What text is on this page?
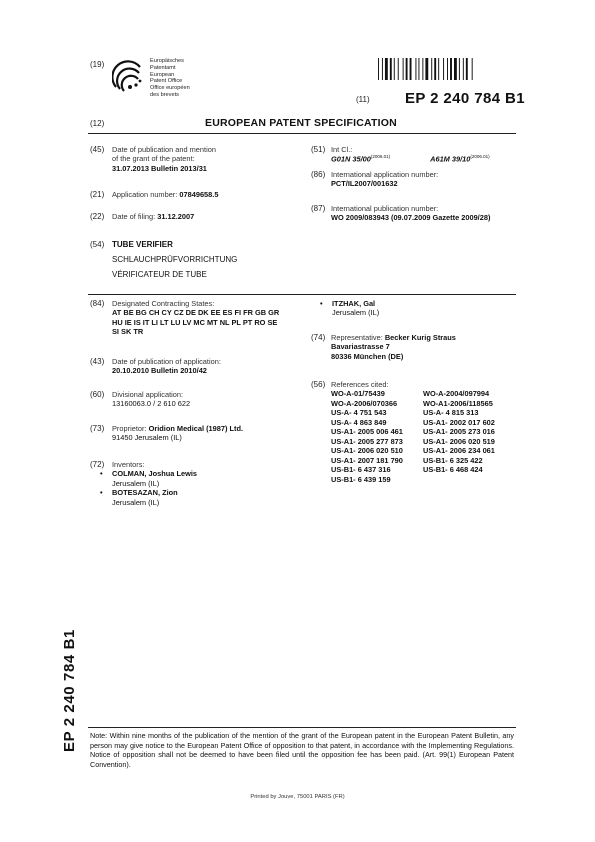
(19)	Europäisches
Patentamt
European
Patent Office
Office européen
des brevets	(11) EP 2 240 784 B1
(12)	EUROPEAN PATENT SPECIFICATION
(45) Date of publication and mention
of the grant of the patent:
31.07.2013 Bulletin 2013/31
(21) Application number: 07849658.5
(22) Date of filing: 31.12.2007
(51) Int Cl.:
G01N $35/00^{(2006.01)}$	A61M $39/10^{(2006.01)}$
(86) International application number:
PCT/IL2007/001632
(87) International publication number:
WO 2009/083943 (09.07.2009 Gazette 2009/28)
(54) TUBE VERIFIER
SCHLAUCHPRÜFVORRICHTUNG
VÉRIFICATEUR DE TUBE
(84) Designated Contracting States:
AT BE BG CH CY CZ DE DK EE ES FI FR GB GR
HU IE IS IT LI LT LU LV MC MT NL PL PT RO SE
SI SK TR
(43) Date of publication of application:
20.10.2010 Bulletin 2010/42
(60) Divisional application:
13160063.0 / 2 610 622
(73) Proprietor: Oridion Medical (1987) Ltd.
91450 Jerusalem (IL)
(72)	Inventors:
•	COLMAN, Joshua Lewis
Jerusalem (IL)
•	BOTESAZAN, Zion
Jerusalem (IL)
•	ITZHAK, Gal
Jerusalem (IL)
(74) Representative: Becker Kurig Straus
Bavariastrasse 7
80336 München (DE)
(56) References cited:
WO-A-01/75439	WO-A-2004/097994
WO-A-2006/070366	WO-A1-2006/118565
US-A- 4 751 543	US-A- 4 815 313
US-A- 4 863 849	US-A1- 2002 017 602
US-A1- 2005 006 461	US-A1- 2005 273 016
US-A1- 2005 277 873	US-A1- 2006 020 519
US-A1- 2006 020 510	US-A1- 2006 234 061
US-A1- 2007 181 790	US-B1- 6 325 422
US-B1- 6 437 316	US-B1- 6 468 424
US-B1- 6 439 159
EP 2 240 784 B1 Note: Within nine months of the publication of the mention of the grant of the European patent in the European Patent Bulletin, any person may give notice to the European Patent Office of opposition to that patent, in accordance with the Implementing Regulations. Notice of opposition shall not be deemed to have been filed until the opposition fee has been paid. (Art. 99(1) European Patent Convention).
Printed by Jouve, 75001 PARIS (FR)
